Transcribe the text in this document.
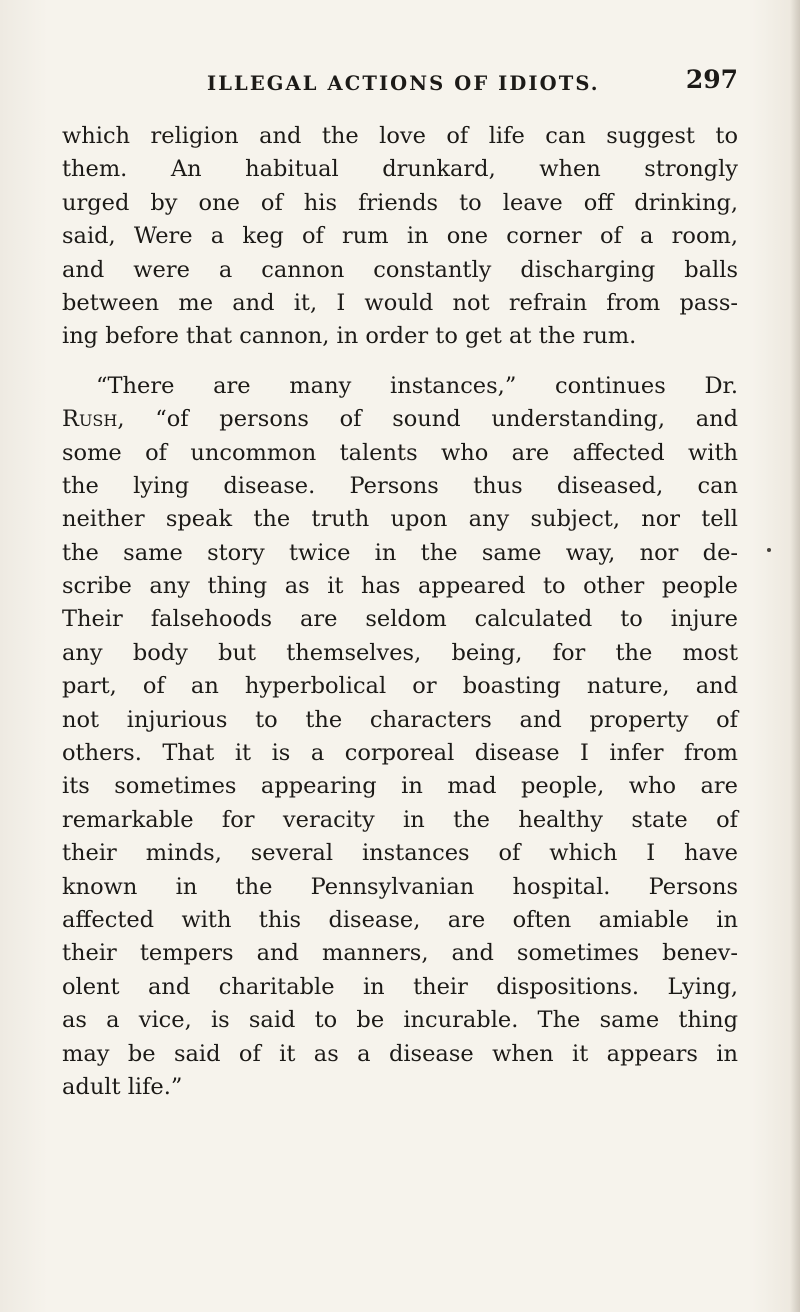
ILLEGAL ACTIONS OF IDIOTS.	297
which religion and the love of life can suggest to
them. An habitual drunkard, when strongly
urged by one of his friends to leave off drinking,
said, Were a keg of rum in one corner of a room,
and were a cannon constantly discharging balls
between me and it, I would not refrain from pass-
ing before that cannon, in order to get at the rum.
“There are many instances,” continues Dr.
Rush, “of persons of sound understanding, and
some of uncommon talents who are affected with
the lying disease. Persons thus diseased, can
neither speak the truth upon any subject, nor tell
the same story twice in the same way, nor de-
scribe any thing as it has appeared to other people
Their falsehoods are seldom calculated to injure
any body but themselves, being, for the most
part, of an hyperbolical or boasting nature, and
not injurious to the characters and property of
others. That it is a corporeal disease I infer from
its sometimes appearing in mad people, who are
remarkable for veracity in the healthy state of
their minds, several instances of which I have
known in the Pennsylvanian hospital. Persons
affected with this disease, are often amiable in
their tempers and manners, and sometimes benev-
olent and charitable in their dispositions. Lying,
as a vice, is said to be incurable. The same thing
may be said of it as a disease when it appears in
adult life.”
